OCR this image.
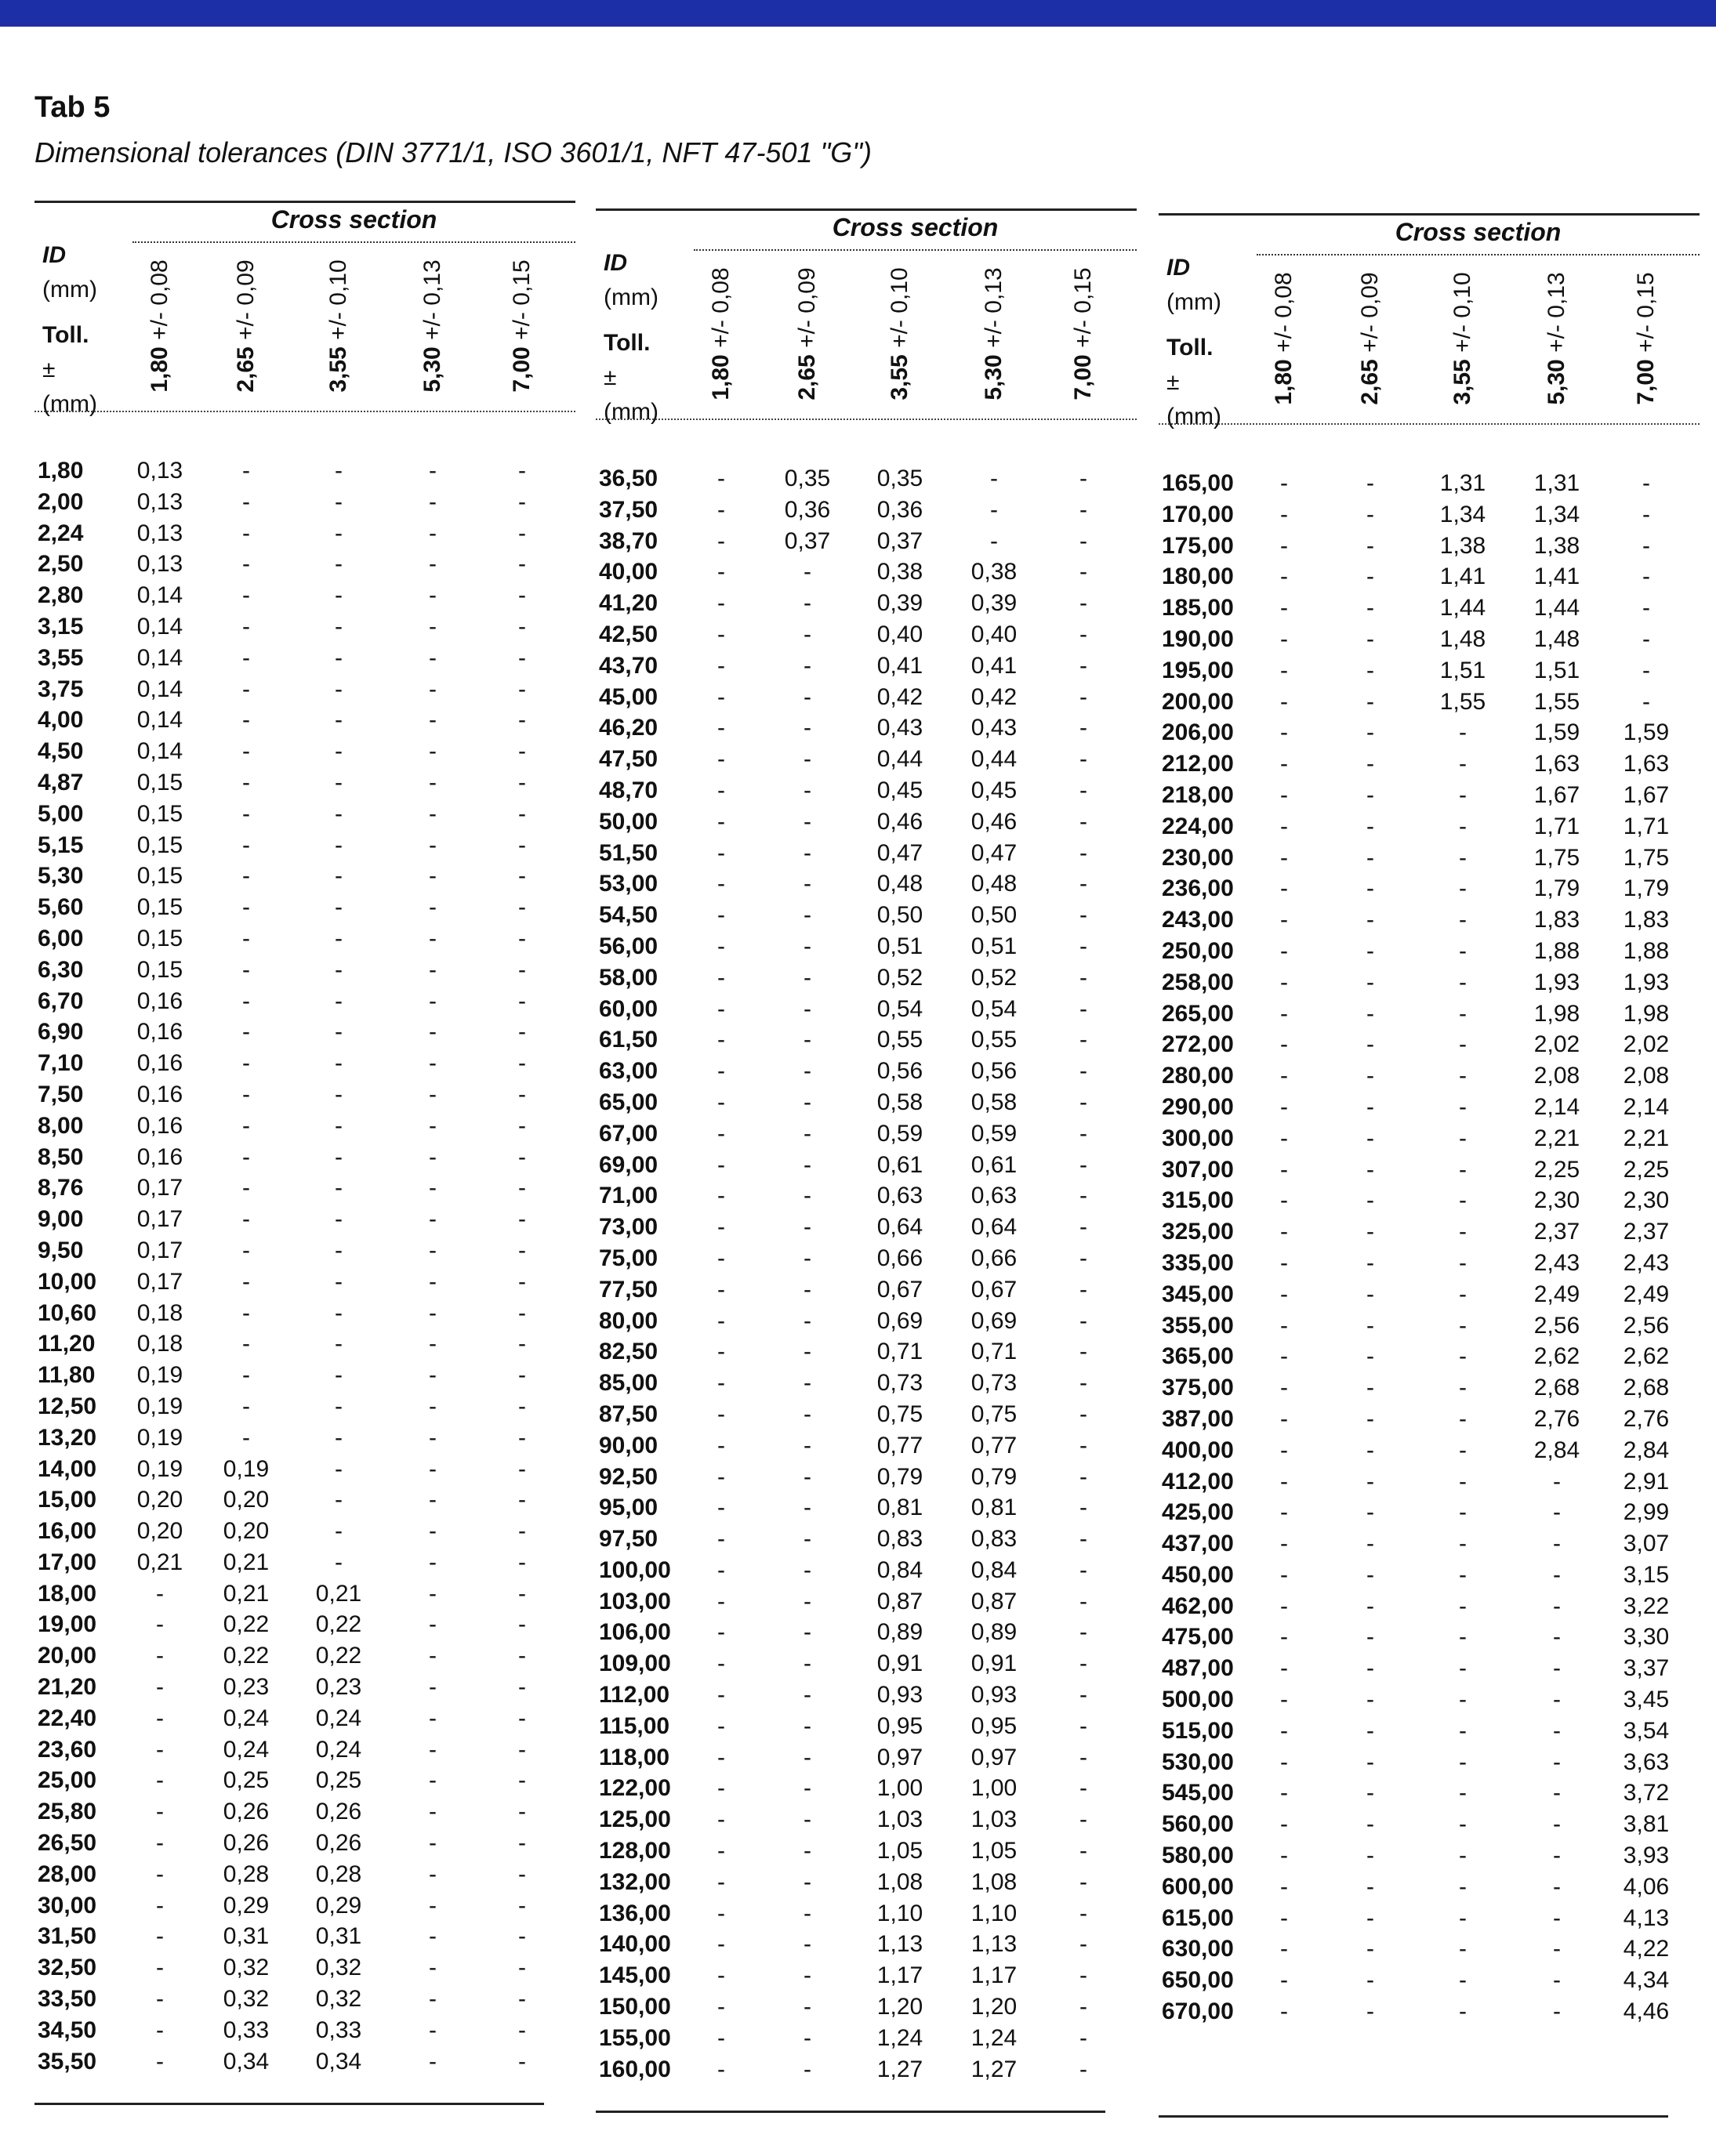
Tab 5
Dimensional tolerances (DIN 3771/1, ISO 3601/1, NFT 47-501 "G")
Cross section
ID
(mm)
Toll.
±
(mm)
1,80 +/- 0,08
2,65 +/- 0,09
3,55 +/- 0,10
5,30 +/- 0,13
7,00 +/- 0,15
1,80	0,13	-	-	-	-
2,00	0,13	-	-	-	-
2,24	0,13	-	-	-	-
2,50	0,13	-	-	-	-
2,80	0,14	-	-	-	-
3,15	0,14	-	-	-	-
3,55	0,14	-	-	-	-
3,75	0,14	-	-	-	-
4,00	0,14	-	-	-	-
4,50	0,14	-	-	-	-
4,87	0,15	-	-	-	-
5,00	0,15	-	-	-	-
5,15	0,15	-	-	-	-
5,30	0,15	-	-	-	-
5,60	0,15	-	-	-	-
6,00	0,15	-	-	-	-
6,30	0,15	-	-	-	-
6,70	0,16	-	-	-	-
6,90	0,16	-	-	-	-
7,10	0,16	-	-	-	-
7,50	0,16	-	-	-	-
8,00	0,16	-	-	-	-
8,50	0,16	-	-	-	-
8,76	0,17	-	-	-	-
9,00	0,17	-	-	-	-
9,50	0,17	-	-	-	-
10,00	0,17	-	-	-	-
10,60	0,18	-	-	-	-
11,20	0,18	-	-	-	-
11,80	0,19	-	-	-	-
12,50	0,19	-	-	-	-
13,20	0,19	-	-	-	-
14,00	0,19	0,19	-	-	-
15,00	0,20	0,20	-	-	-
16,00	0,20	0,20	-	-	-
17,00	0,21	0,21	-	-	-
18,00	-	0,21	0,21	-	-
19,00	-	0,22	0,22	-	-
20,00	-	0,22	0,22	-	-
21,20	-	0,23	0,23	-	-
22,40	-	0,24	0,24	-	-
23,60	-	0,24	0,24	-	-
25,00	-	0,25	0,25	-	-
25,80	-	0,26	0,26	-	-
26,50	-	0,26	0,26	-	-
28,00	-	0,28	0,28	-	-
30,00	-	0,29	0,29	-	-
31,50	-	0,31	0,31	-	-
32,50	-	0,32	0,32	-	-
33,50	-	0,32	0,32	-	-
34,50	-	0,33	0,33	-	-
35,50	-	0,34	0,34	-	-
Cross section
ID
(mm)
Toll.
±
(mm)
1,80 +/- 0,08
2,65 +/- 0,09
3,55 +/- 0,10
5,30 +/- 0,13
7,00 +/- 0,15
36,50	-	0,35	0,35	-	-
37,50	-	0,36	0,36	-	-
38,70	-	0,37	0,37	-	-
40,00	-	-	0,38	0,38	-
41,20	-	-	0,39	0,39	-
42,50	-	-	0,40	0,40	-
43,70	-	-	0,41	0,41	-
45,00	-	-	0,42	0,42	-
46,20	-	-	0,43	0,43	-
47,50	-	-	0,44	0,44	-
48,70	-	-	0,45	0,45	-
50,00	-	-	0,46	0,46	-
51,50	-	-	0,47	0,47	-
53,00	-	-	0,48	0,48	-
54,50	-	-	0,50	0,50	-
56,00	-	-	0,51	0,51	-
58,00	-	-	0,52	0,52	-
60,00	-	-	0,54	0,54	-
61,50	-	-	0,55	0,55	-
63,00	-	-	0,56	0,56	-
65,00	-	-	0,58	0,58	-
67,00	-	-	0,59	0,59	-
69,00	-	-	0,61	0,61	-
71,00	-	-	0,63	0,63	-
73,00	-	-	0,64	0,64	-
75,00	-	-	0,66	0,66	-
77,50	-	-	0,67	0,67	-
80,00	-	-	0,69	0,69	-
82,50	-	-	0,71	0,71	-
85,00	-	-	0,73	0,73	-
87,50	-	-	0,75	0,75	-
90,00	-	-	0,77	0,77	-
92,50	-	-	0,79	0,79	-
95,00	-	-	0,81	0,81	-
97,50	-	-	0,83	0,83	-
100,00	-	-	0,84	0,84	-
103,00	-	-	0,87	0,87	-
106,00	-	-	0,89	0,89	-
109,00	-	-	0,91	0,91	-
112,00	-	-	0,93	0,93	-
115,00	-	-	0,95	0,95	-
118,00	-	-	0,97	0,97	-
122,00	-	-	1,00	1,00	-
125,00	-	-	1,03	1,03	-
128,00	-	-	1,05	1,05	-
132,00	-	-	1,08	1,08	-
136,00	-	-	1,10	1,10	-
140,00	-	-	1,13	1,13	-
145,00	-	-	1,17	1,17	-
150,00	-	-	1,20	1,20	-
155,00	-	-	1,24	1,24	-
160,00	-	-	1,27	1,27	-
Cross section
ID
(mm)
Toll.
±
(mm)
1,80 +/- 0,08
2,65 +/- 0,09
3,55 +/- 0,10
5,30 +/- 0,13
7,00 +/- 0,15
165,00	-	-	1,31	1,31	-
170,00	-	-	1,34	1,34	-
175,00	-	-	1,38	1,38	-
180,00	-	-	1,41	1,41	-
185,00	-	-	1,44	1,44	-
190,00	-	-	1,48	1,48	-
195,00	-	-	1,51	1,51	-
200,00	-	-	1,55	1,55	-
206,00	-	-	-	1,59	1,59
212,00	-	-	-	1,63	1,63
218,00	-	-	-	1,67	1,67
224,00	-	-	-	1,71	1,71
230,00	-	-	-	1,75	1,75
236,00	-	-	-	1,79	1,79
243,00	-	-	-	1,83	1,83
250,00	-	-	-	1,88	1,88
258,00	-	-	-	1,93	1,93
265,00	-	-	-	1,98	1,98
272,00	-	-	-	2,02	2,02
280,00	-	-	-	2,08	2,08
290,00	-	-	-	2,14	2,14
300,00	-	-	-	2,21	2,21
307,00	-	-	-	2,25	2,25
315,00	-	-	-	2,30	2,30
325,00	-	-	-	2,37	2,37
335,00	-	-	-	2,43	2,43
345,00	-	-	-	2,49	2,49
355,00	-	-	-	2,56	2,56
365,00	-	-	-	2,62	2,62
375,00	-	-	-	2,68	2,68
387,00	-	-	-	2,76	2,76
400,00	-	-	-	2,84	2,84
412,00	-	-	-	-	2,91
425,00	-	-	-	-	2,99
437,00	-	-	-	-	3,07
450,00	-	-	-	-	3,15
462,00	-	-	-	-	3,22
475,00	-	-	-	-	3,30
487,00	-	-	-	-	3,37
500,00	-	-	-	-	3,45
515,00	-	-	-	-	3,54
530,00	-	-	-	-	3,63
545,00	-	-	-	-	3,72
560,00	-	-	-	-	3,81
580,00	-	-	-	-	3,93
600,00	-	-	-	-	4,06
615,00	-	-	-	-	4,13
630,00	-	-	-	-	4,22
650,00	-	-	-	-	4,34
670,00	-	-	-	-	4,46
